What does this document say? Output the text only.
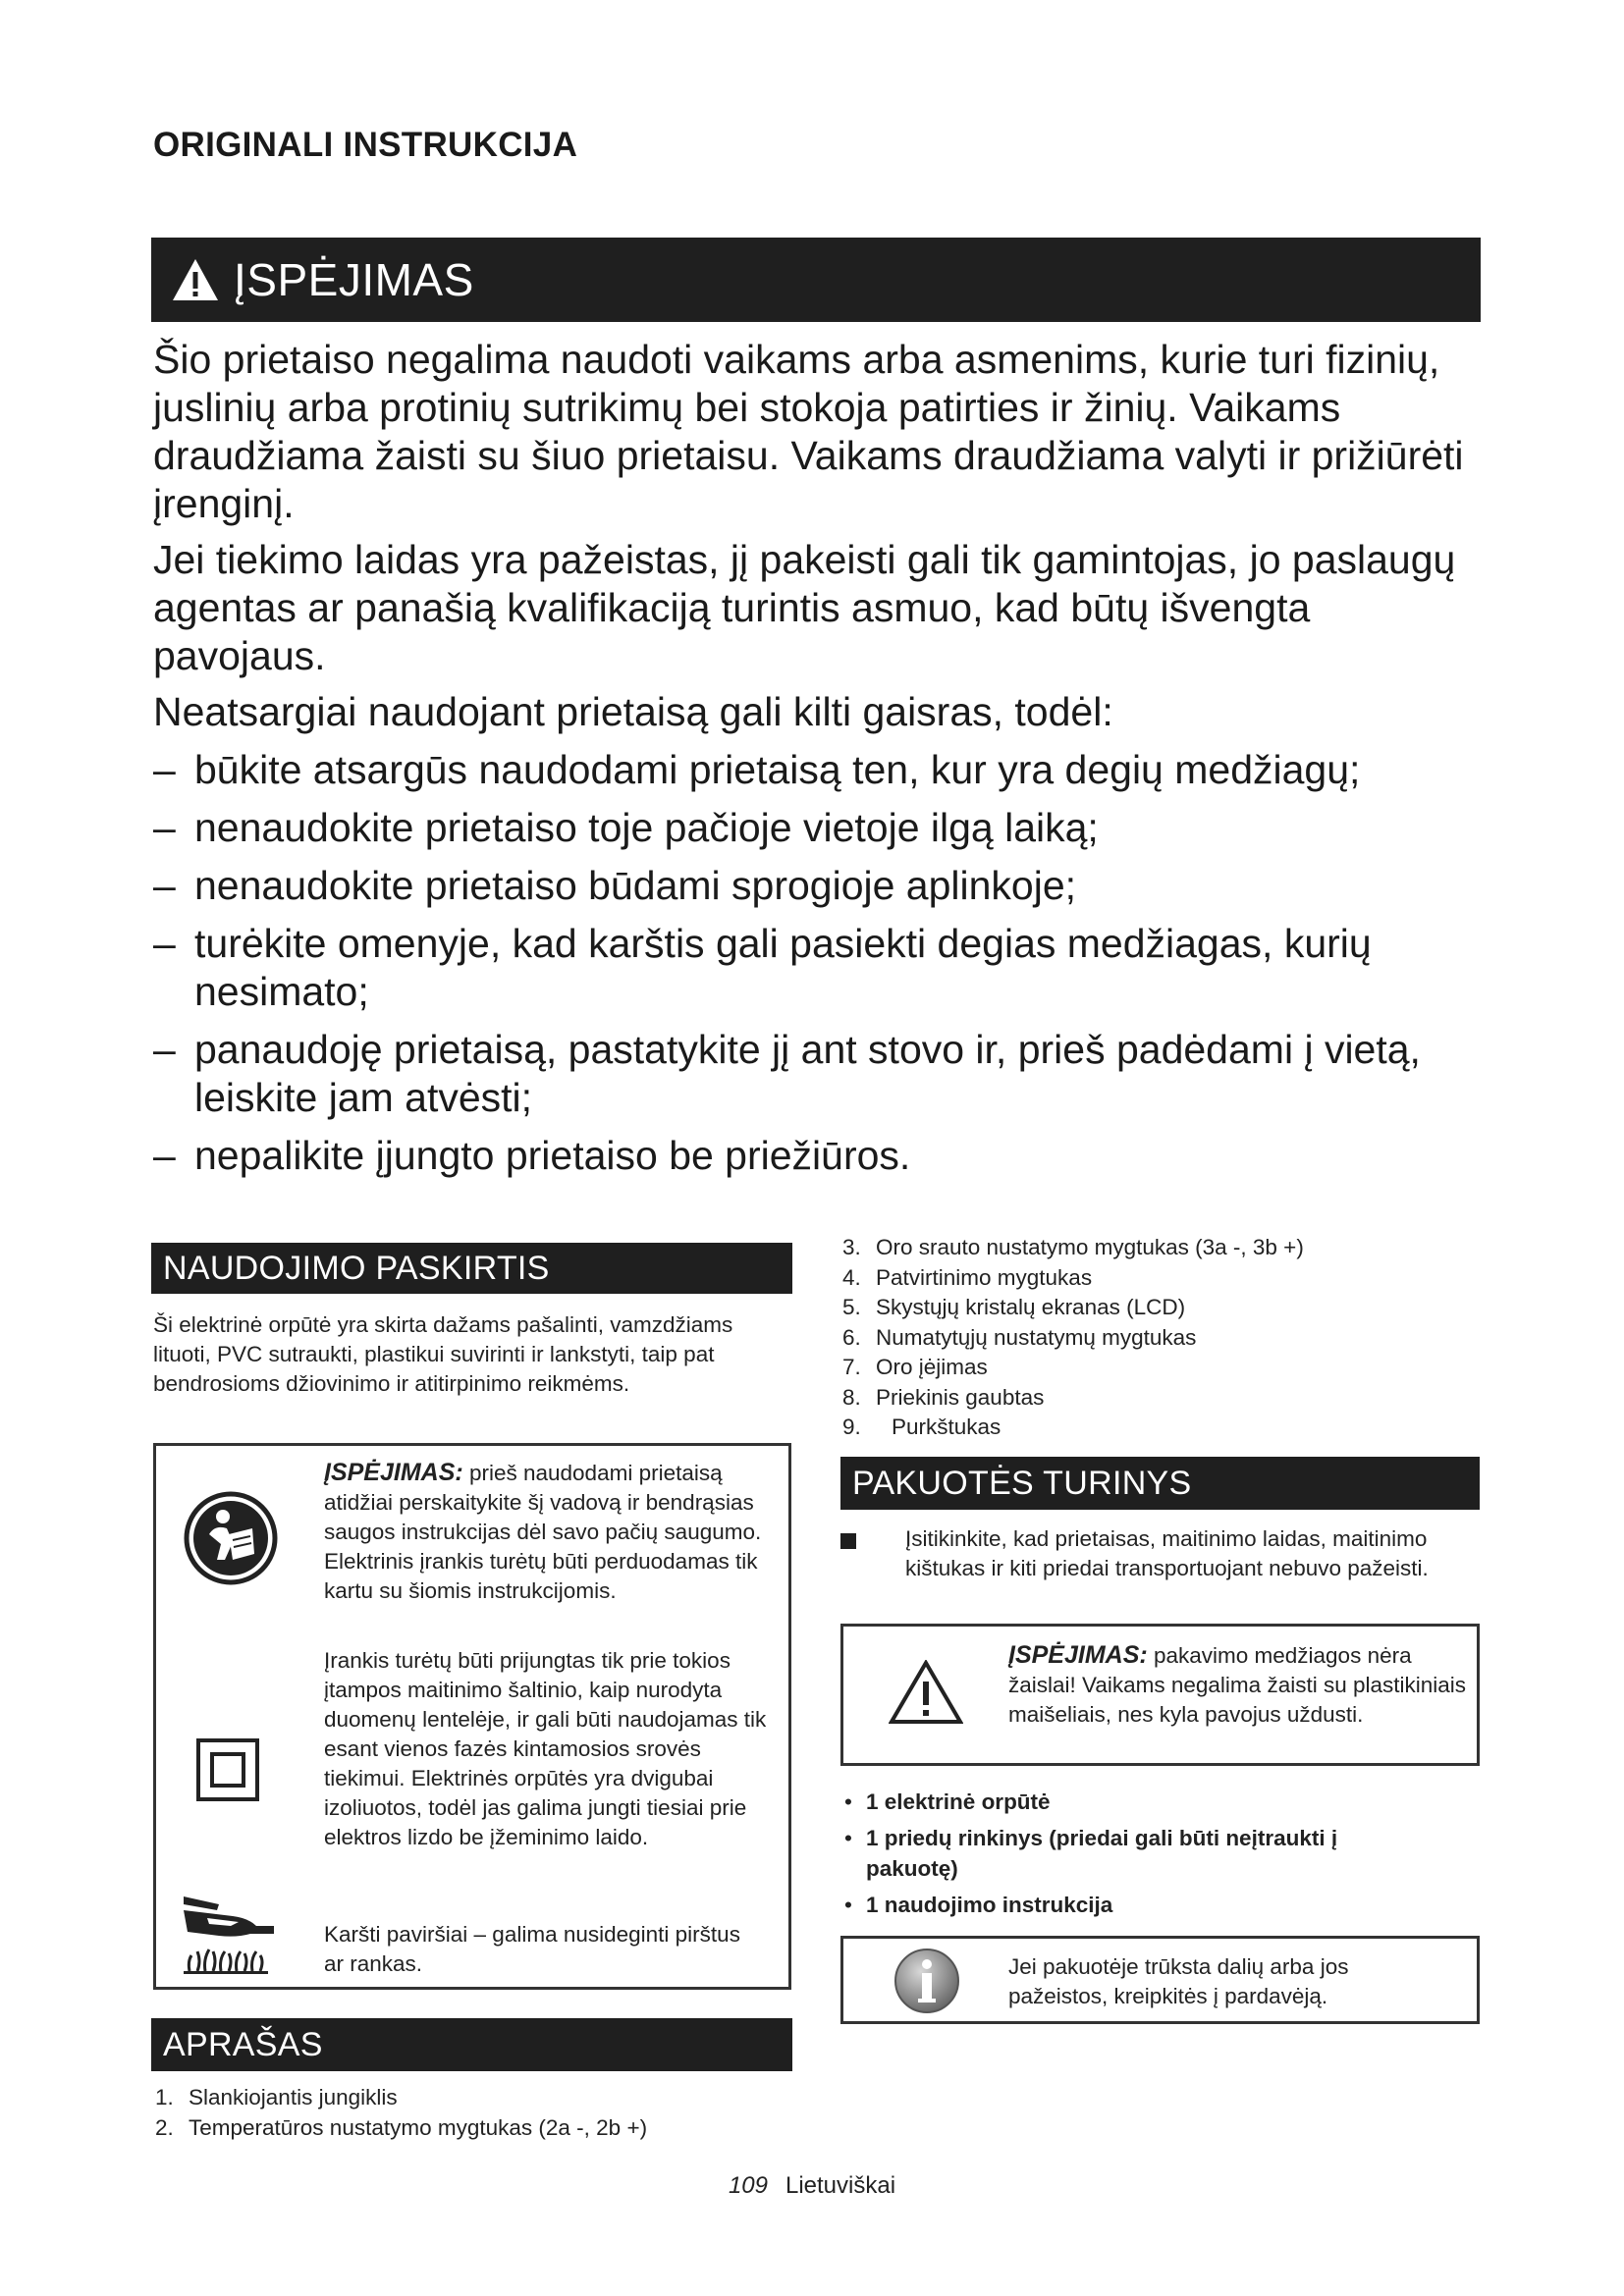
ORIGINALI INSTRUKCIJA
ĮSPĖJIMAS

Šio prietaiso negalima naudoti vaikams arba asmenims, kurie turi fizinių, juslinių arba protinių sutrikimų bei stokoja patirties ir žinių. Vaikams draudžiama žaisti su šiuo prietaisu. Vaikams draudžiama valyti ir prižiūrėti įrenginį.

Jei tiekimo laidas yra pažeistas, jį pakeisti gali tik gamintojas, jo paslaugų agentas ar panašią kvalifikaciją turintis asmuo, kad būtų išvengta pavojaus.

Neatsargiai naudojant prietaisą gali kilti gaisras, todėl:

– būkite atsargūs naudodami prietaisą ten, kur yra degių medžiagų;
– nenaudokite prietaiso toje pačioje vietoje ilgą laiką;
– nenaudokite prietaiso būdami sprogioje aplinkoje;
– turėkite omenyje, kad karštis gali pasiekti degias medžiagas, kurių nesimato;
– panaudoję prietaisą, pastatykite jį ant stovo ir, prieš padėdami į vietą, leiskite jam atvėsti;
– nepalikite įjungto prietaiso be priežiūros.
NAUDOJIMO PASKIRTIS
Ši elektrinė orpūtė yra skirta dažams pašalinti, vamzdžiams lituoti, PVC sutraukti, plastikui suvirinti ir lankstyti, taip pat bendrosioms džiovinimo ir atitirpinimo reikmėms.
ĮSPĖJIMAS: prieš naudodami prietaisą atidžiai perskaitykite šį vadovą ir bendrąsias saugos instrukcijas dėl savo pačių saugumo. Elektrinis įrankis turėtų būti perduodamas tik kartu su šiomis instrukcijomis.
Įrankis turėtų būti prijungtas tik prie tokios įtampos maitinimo šaltinio, kaip nurodyta duomenų lentelėje, ir gali būti naudojamas tik esant vienos fazės kintamosios srovės tiekimui. Elektrinės orpūtės yra dvigubai izoliuotos, todėl jas galima jungti tiesiai prie elektros lizdo be įžeminimo laido.
Karšti paviršiai – galima nusideginti pirštus ar rankas.
APRAŠAS
1. Slankiojantis jungiklis
2. Temperatūros nustatymo mygtukas (2a -, 2b +)
3. Oro srauto nustatymo mygtukas (3a -, 3b +)
4. Patvirtinimo mygtukas
5. Skystųjų kristalų ekranas (LCD)
6. Numatytųjų nustatymų mygtukas
7. Oro įėjimas
8. Priekinis gaubtas
9. Purkštukas
PAKUOTĖS TURINYS
Įsitikinkite, kad prietaisas, maitinimo laidas, maitinimo kištukas ir kiti priedai transportuojant nebuvo pažeisti.
ĮSPĖJIMAS: pakavimo medžiagos nėra žaislai! Vaikams negalima žaisti su plastikiniais maišeliais, nes kyla pavojus uždusti.
• 1 elektrinė orpūtė
• 1 priedų rinkinys (priedai gali būti neįtraukti į pakuotę)
• 1 naudojimo instrukcija
Jei pakuotėje trūksta dalių arba jos pažeistos, kreipkitės į pardavėją.
109 Lietuviškai
